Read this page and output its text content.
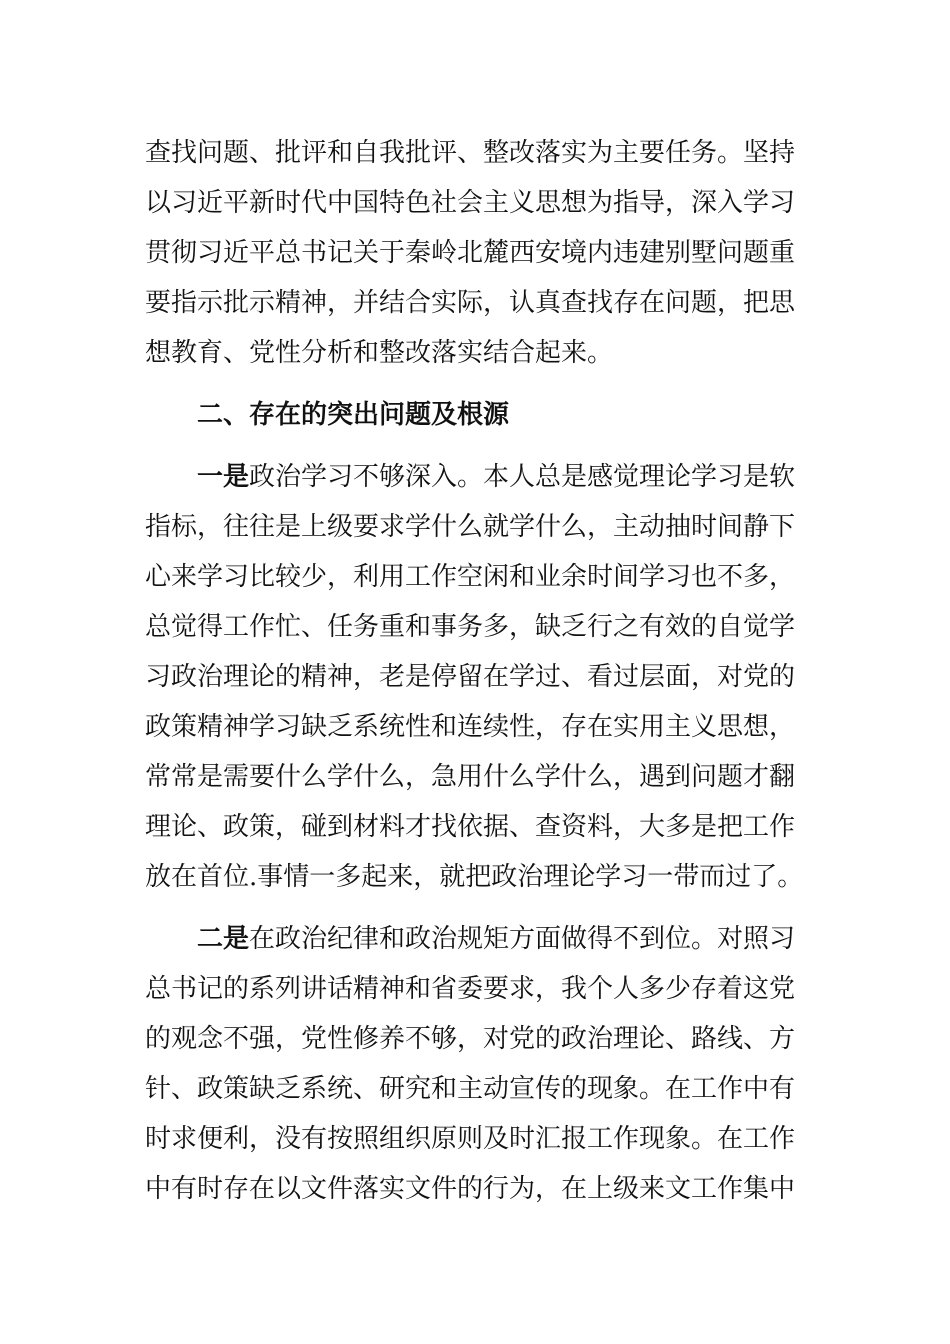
查找问题、批评和自我批评、整改落实为主要任务。坚持
以习近平新时代中国特色社会主义思想为指导，深入学习
贯彻习近平总书记关于秦岭北麓西安境内违建别墅问题重
要指示批示精神，并结合实际，认真查找存在问题，把思
想教育、党性分析和整改落实结合起来。
二、存在的突出问题及根源
一是政治学习不够深入。本人总是感觉理论学习是软
指标，往往是上级要求学什么就学什么，主动抽时间静下
心来学习比较少，利用工作空闲和业余时间学习也不多，
总觉得工作忙、任务重和事务多，缺乏行之有效的自觉学
习政治理论的精神，老是停留在学过、看过层面，对党的
政策精神学习缺乏系统性和连续性，存在实用主义思想，
常常是需要什么学什么，急用什么学什么，遇到问题才翻
理论、政策，碰到材料才找依据、查资料，大多是把工作
放在首位.事情一多起来，就把政治理论学习一带而过了。
二是在政治纪律和政治规矩方面做得不到位。对照习
总书记的系列讲话精神和省委要求，我个人多少存着这党
的观念不强，党性修养不够，对党的政治理论、路线、方
针、政策缺乏系统、研究和主动宣传的现象。在工作中有
时求便利，没有按照组织原则及时汇报工作现象。在工作
中有时存在以文件落实文件的行为，在上级来文工作集中
